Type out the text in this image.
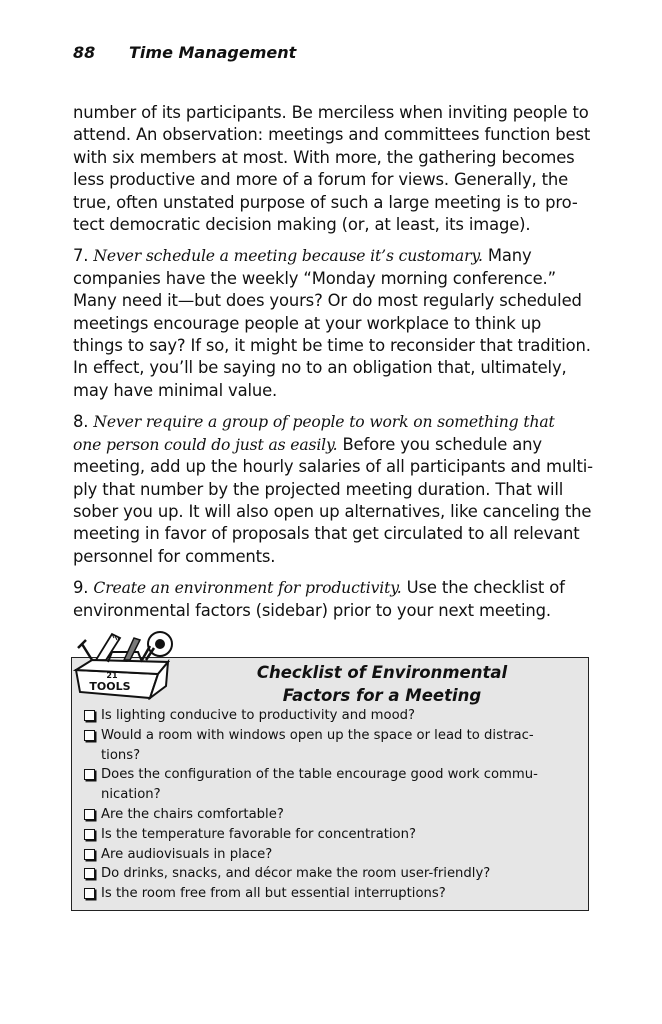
88 Time Management

number of its participants. Be merciless when inviting people to
attend. An observation: meetings and committees function best
with six members at most. With more, the gathering becomes
less productive and more of a forum for views. Generally, the
true, often unstated purpose of such a large meeting is to pro-
tect democratic decision making (or, at least, its image).

7. Never schedule a meeting because it’s customary. Many
companies have the weekly “Monday morning conference.”
Many need it—but does yours? Or do most regularly scheduled
meetings encourage people at your workplace to think up
things to say? If so, it might be time to reconsider that tradition.
In effect, you’ll be saying no to an obligation that, ultimately,
may have minimal value.

8. Never require a group of people to work on something that
one person could do just as easily. Before you schedule any
meeting, add up the hourly salaries of all participants and multi-
ply that number by the projected meeting duration. That will
sober you up. It will also open up alternatives, like canceling the
meeting in favor of proposals that get circulated to all relevant
personnel for comments.

9. Create an environment for productivity. Use the checklist of
environmental factors (sidebar) prior to your next meeting.

Checklist of Environmental
Factors for a Meeting
Is lighting conducive to productivity and mood?
Would a room with windows open up the space or lead to distrac-
tions?
Does the configuration of the table encourage good work commu-
nication?
Are the chairs comfortable?
Is the temperature favorable for concentration?
Are audiovisuals in place?
Do drinks, snacks, and décor make the room user-friendly?
Is the room free from all but essential interruptions?
21
TOOLS
